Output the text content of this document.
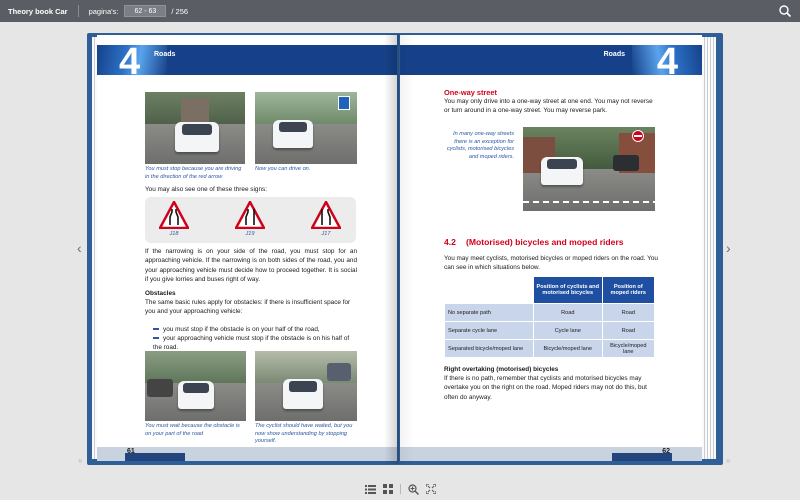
Theory book Car	pagina's:	62 - 63	/ 256
4 Roads
You must stop because you are driving in the direction of the red arrow
Now you can drive on.
You may also see one of these three signs:
J18	J19	J17
If the narrowing is on your side of the road, you must stop for an approaching vehicle. If the narrowing is on both sides of the road, you and your approaching vehicle must decide how to proceed together. It is social if you give lorries and buses right of way.
Obstacles
The same basic rules apply for obstacles: if there is insufficient space for you and your approaching vehicle:
you must stop if the obstacle is on your half of the road,
your approaching vehicle must stop if the obstacle is on his half of the road.
You must wait because the obstacle is on your part of the road
The cyclist should have waited, but you now show understanding by stopping yourself.
61
4
Roads
One-way street
You may only drive into a one-way street at one end. You may not reverse or turn around in a one-way street. You may reverse park.
In many one-way streets there is an exception for cyclists, motorised bicycles and moped riders.
4.2 (Motorised) bicycles and moped riders
You may meet cyclists, motorised bicycles or moped riders on the road. You can see in which situations below.
	Position of cyclists and motorised bicycles	Position of moped riders
No separate path	Road	Road
Separate cycle lane	Cycle lane	Road
Separated bicycle/moped lane	Bicycle/moped lane	Bicycle/moped lane
Right overtaking (motorised) bicycles
If there is no path, remember that cyclists and motorised bicycles may overtake you on the right on the road. Moped riders may not do this, but often do anyway.
62
‹	›
«	»
